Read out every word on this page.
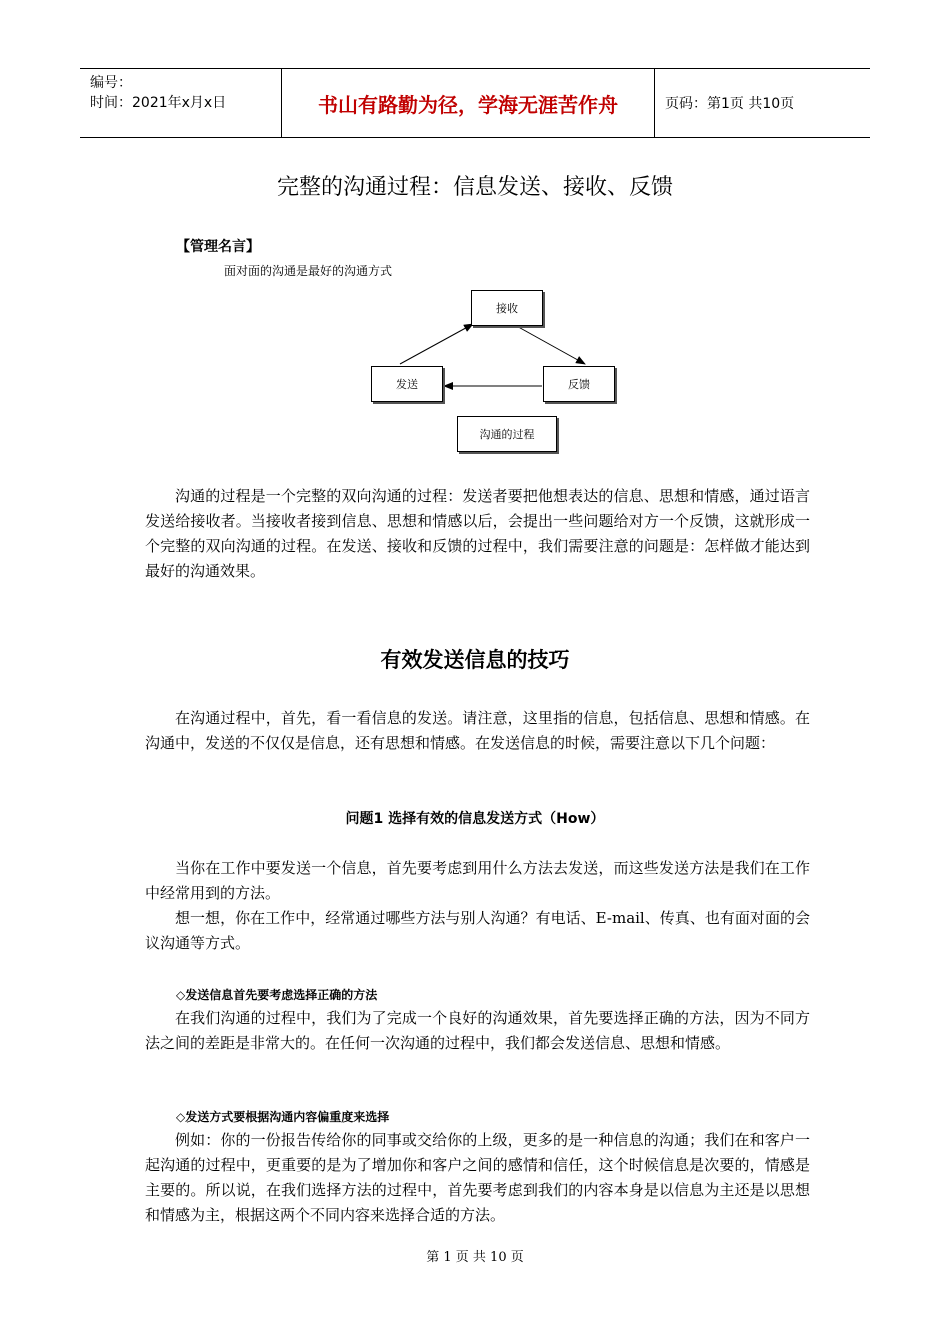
编号：
时间：2021年x月x日	书山有路勤为径，学海无涯苦作舟	页码：第1页 共10页
完整的沟通过程：信息发送、接收、反馈
【管理名言】
面对面的沟通是最好的沟通方式
接收
发送	反馈
沟通的过程

沟通的过程是一个完整的双向沟通的过程：发送者要把他想表达的信息、思想和情感，通过语言发送给接收者。当接收者接到信息、思想和情感以后，会提出一些问题给对方一个反馈，这就形成一个完整的双向沟通的过程。在发送、接收和反馈的过程中，我们需要注意的问题是：怎样做才能达到最好的沟通效果。

有效发送信息的技巧

在沟通过程中，首先，看一看信息的发送。请注意，这里指的信息，包括信息、思想和情感。在沟通中，发送的不仅仅是信息，还有思想和情感。在发送信息的时候，需要注意以下几个问题：

问题1 选择有效的信息发送方式（How）

当你在工作中要发送一个信息，首先要考虑到用什么方法去发送，而这些发送方法是我们在工作中经常用到的方法。

想一想，你在工作中，经常通过哪些方法与别人沟通？有电话、E-mail、传真、也有面对面的会议沟通等方式。

◇发送信息首先要考虑选择正确的方法

在我们沟通的过程中，我们为了完成一个良好的沟通效果，首先要选择正确的方法，因为不同方法之间的差距是非常大的。在任何一次沟通的过程中，我们都会发送信息、思想和情感。

◇发送方式要根据沟通内容偏重度来选择

例如：你的一份报告传给你的同事或交给你的上级，更多的是一种信息的沟通；我们在和客户一起沟通的过程中，更重要的是为了增加你和客户之间的感情和信任，这个时候信息是次要的，情感是主要的。所以说，在我们选择方法的过程中，首先要考虑到我们的内容本身是以信息为主还是以思想和情感为主，根据这两个不同内容来选择合适的方法。

第 1 页 共 10 页
